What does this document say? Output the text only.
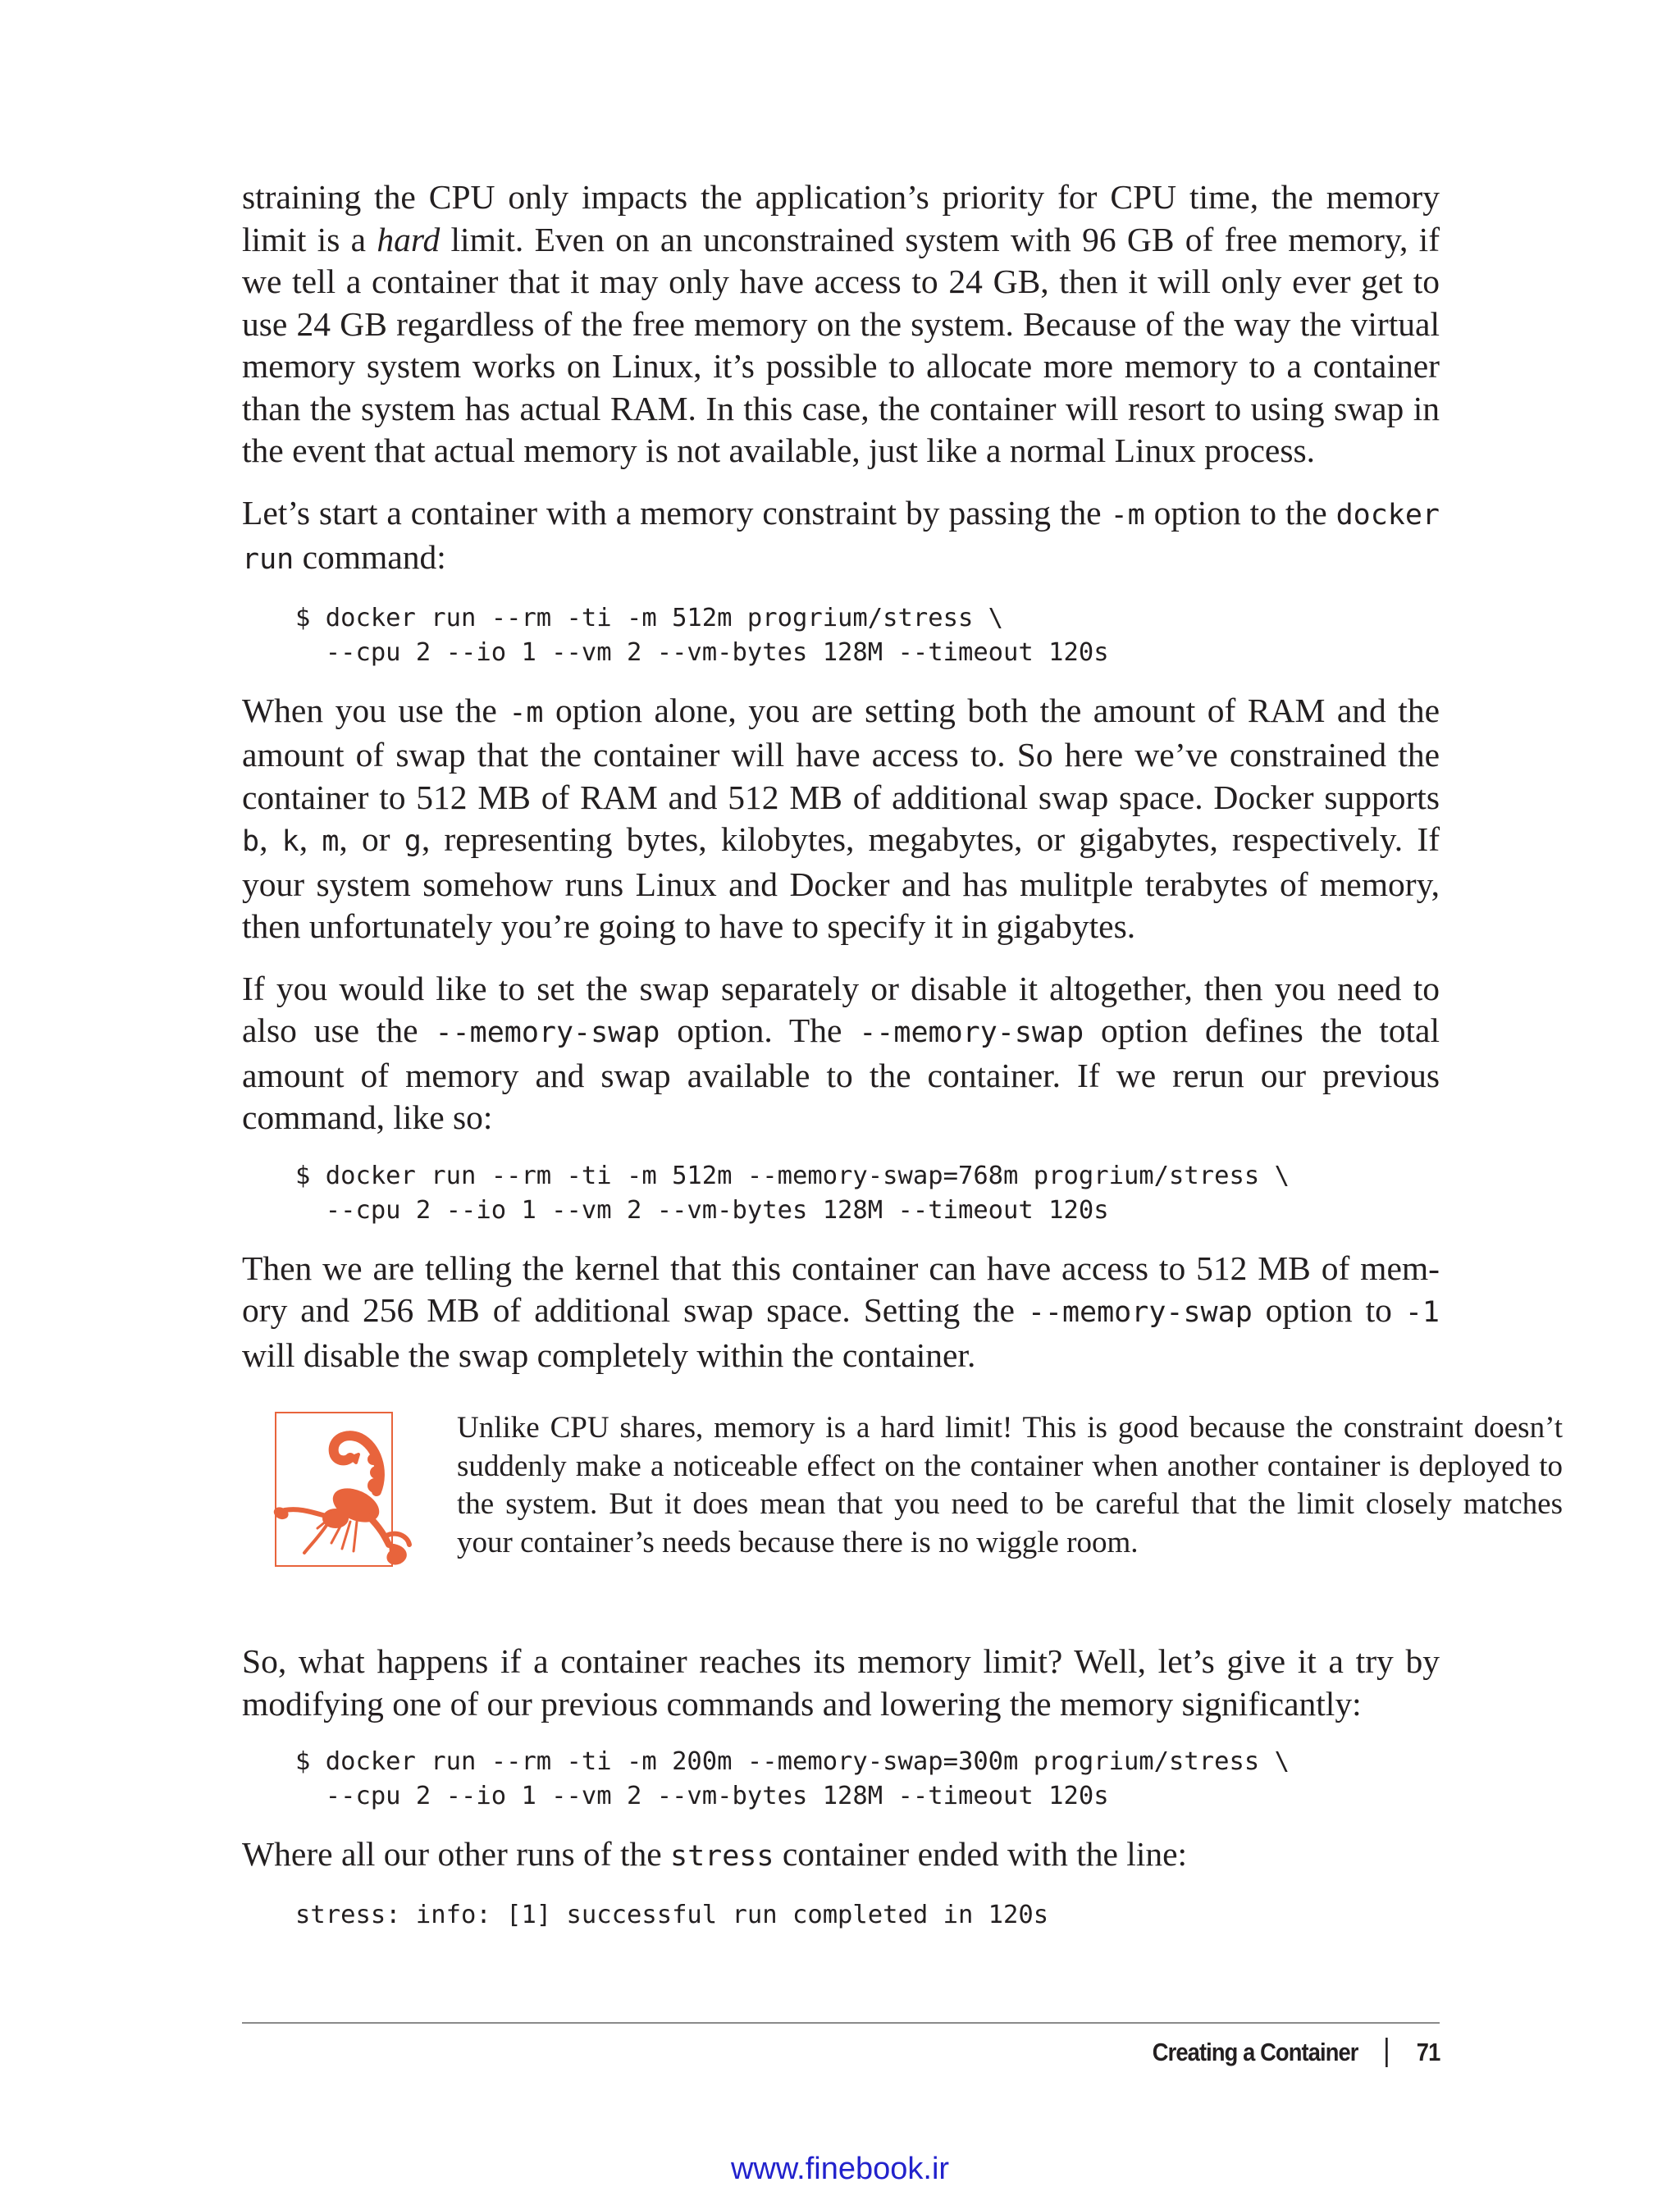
straining the CPU only impacts the application’s priority for CPU time, the memory limit is a hard limit. Even on an unconstrained system with 96 GB of free memory, if we tell a container that it may only have access to 24 GB, then it will only ever get to use 24 GB regardless of the free memory on the system. Because of the way the virtual memory system works on Linux, it’s possible to allocate more memory to a container than the system has actual RAM. In this case, the container will resort to using swap in the event that actual memory is not available, just like a normal Linux process.

Let’s start a container with a memory constraint by passing the -m option to the docker run command:

$ docker run --rm -ti -m 512m progrium/stress \
--cpu 2 --io 1 --vm 2 --vm-bytes 128M --timeout 120s

When you use the -m option alone, you are setting both the amount of RAM and the amount of swap that the container will have access to. So here we’ve constrained the container to 512 MB of RAM and 512 MB of additional swap space. Docker supports b, k, m, or g, representing bytes, kilobytes, megabytes, or gigabytes, respectively. If your system somehow runs Linux and Docker and has mulitple terabytes of memory, then unfortunately you’re going to have to specify it in gigabytes.

If you would like to set the swap separately or disable it altogether, then you need to also use the --memory-swap option. The --memory-swap option defines the total amount of memory and swap available to the container. If we rerun our previous command, like so:

$ docker run --rm -ti -m 512m --memory-swap=768m progrium/stress \
--cpu 2 --io 1 --vm 2 --vm-bytes 128M --timeout 120s

Then we are telling the kernel that this container can have access to 512 MB of memory and 256 MB of additional swap space. Setting the --memory-swap option to -1 will disable the swap completely within the container.

Unlike CPU shares, memory is a hard limit! This is good because the constraint doesn’t suddenly make a noticeable effect on the container when another container is deployed to the system. But it does mean that you need to be careful that the limit closely matches your container’s needs because there is no wiggle room.

So, what happens if a container reaches its memory limit? Well, let’s give it a try by modifying one of our previous commands and lowering the memory significantly:

$ docker run --rm -ti -m 200m --memory-swap=300m progrium/stress \
--cpu 2 --io 1 --vm 2 --vm-bytes 128M --timeout 120s

Where all our other runs of the stress container ended with the line:

stress: info: [1] successful run completed in 120s
Creating a Container 71
www.finebook.ir
